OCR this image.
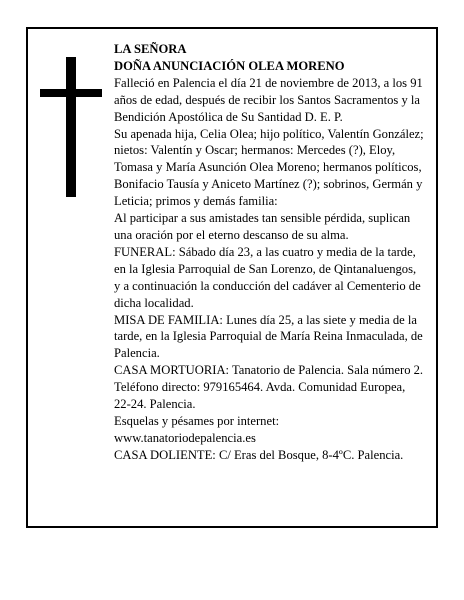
LA SEÑORA

DOÑA ANUNCIACIÓN OLEA MORENO

Falleció en Palencia el día 21 de noviembre de 2013, a los 91 años de edad, después de recibir los Santos Sacramentos y la Bendición Apostólica de Su Santidad D. E. P.

Su apenada hija, Celia Olea; hijo político, Valentín González; nietos: Valentín y Oscar; hermanos: Mercedes (?), Eloy, Tomasa y María Asunción Olea Moreno; hermanos políticos, Bonifacio Tausía y Aniceto Martínez (?); sobrinos, Germán y Leticia; primos y demás familia:

Al participar a sus amistades tan sensible pérdida, suplican una oración por el eterno descanso de su alma.

FUNERAL: Sábado día 23, a las cuatro y media de la tarde, en la Iglesia Parroquial de San Lorenzo, de Qintanaluengos, y a continuación la conducción del cadáver al Cementerio de dicha localidad.

MISA DE FAMILIA: Lunes día 25, a las siete y media de la tarde, en la Iglesia Parroquial de María Reina Inmaculada, de Palencia.

CASA MORTUORIA: Tanatorio de Palencia. Sala número 2. Teléfono directo: 979165464. Avda. Comunidad Europea, 22-24. Palencia.

Esquelas y pésames por internet: www.tanatoriodepalencia.es

CASA DOLIENTE: C/ Eras del Bosque, 8-4ºC. Palencia.
